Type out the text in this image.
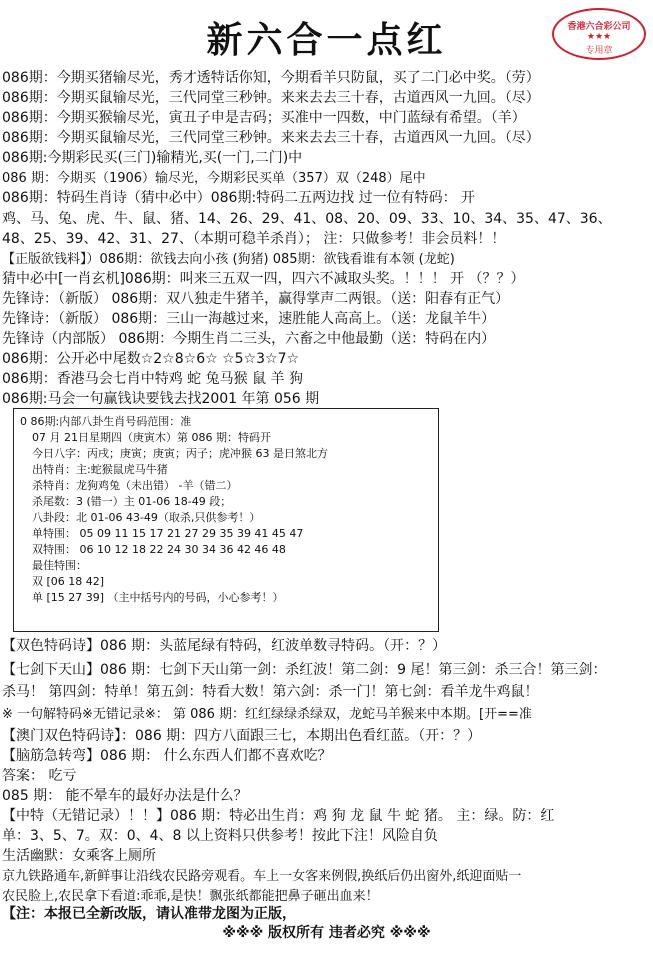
新六合一点红	香港六合彩公司
★★★
专用章
086期：今期买猪输尽光，秀才透特话你知，今期看羊只防鼠，买了二门必中奖。（劳）
086期：今期买鼠输尽光，三代同堂三秒钟。来来去去三十春，古道西风一九回。（尽）
086期：今期买猴输尽光，寅丑子申是吉码；买准中一四数，中门蓝绿有希望。（羊）
086期：今期买鼠输尽光，三代同堂三秒钟。来来去去三十春，古道西风一九回。（尽）
086期:今期彩民买(三门)输精光,买(一门,二门)中
086 期：今期买（1906）输尽光，今期彩民买单（357）双（248）尾中
086期：特码生肖诗（猜中必中）086期:特码二五两边找 过一位有特码： 开
鸡、马、兔、虎、牛、鼠、猪、14、26、29、41、08、20、09、33、10、34、35、47、36、
48、25、39、42、31、27、（本期可稳羊杀肖）； 注：只做参考！非会员料！！
【正版欲钱料】）086期：欲钱去向小孩 (狗猪) 085期：欲钱看谁有本领 (龙蛇)
猜中必中[一肖玄机]086期：叫来三五双一四，四六不减取头奖。！！！ 开 （？？）
先锋诗：（新版） 086期：双八独走牛猪羊，赢得掌声二两银。（送：阳春有正气）
先锋诗：（新版） 086期：三山一海越过来，速胜能人高高上。（送：龙鼠羊牛）
先锋诗（内部版） 086期：今期生肖二三头，六畜之中他最勤（送：特码在内）
086期：公开必中尾数☆2☆8☆6☆ ☆5☆3☆7☆
086期：香港马会七肖中特鸡 蛇 兔马猴 鼠 羊 狗
086期:马会一句赢钱诀要钱去找2001 年第 056 期
0 86期:内部八卦生肖号码范围：准
07 月 21日星期四（庚寅木）第 086 期：特码开
今日八字：丙戌；庚寅；庚寅；丙子；虎冲猴 63 是日煞北方
出特肖：主:蛇猴鼠虎马牛猪
杀特肖：龙狗鸡兔（未出错） -羊（错二）
杀尾数：3 (错一）主 01-06 18-49 段；
八卦段：北 01-06 43-49（取杀,只供参考！）
单特围： 05 09 11 15 17 21 27 29 35 39 41 45 47
双特围： 06 10 12 18 22 24 30 34 36 42 46 48
最佳特围：
双 [06 18 42]
单 [15 27 39] （主中括号内的号码，小心参考！）
【双色特码诗】086 期：头蓝尾绿有特码，红波单数寻特码。（开：？）
【七剑下天山】086 期：七剑下天山第一剑：杀红波！第二剑：9 尾！第三剑：杀三合！第三剑：
杀马！ 第四剑：特单！第五剑：特看大数！第六剑：杀一门！第七剑：看羊龙牛鸡鼠！
※ 一句解特码※无错记录※： 第 086 期：红红绿绿杀绿双，龙蛇马羊猴来中本期。[开==准
【澳门双色特码诗】：086 期：四方八面跟三七，本期出色看红蓝。（开：？）
【脑筋急转弯】086 期： 什么东西人们都不喜欢吃？
答案： 吃亏
085 期： 能不晕车的最好办法是什么？
【中特（无错记录）！！】086 期：特必出生肖：鸡 狗 龙 鼠 牛 蛇 猪。 主：绿。防：红
单：3、5、7。双：0、4、8 以上资料只供参考！按此下注！风险自负
生活幽默：女乘客上厕所
京九铁路通车,新鲜事让沿线农民路旁观看。车上一女客来例假,换纸后仍出窗外,纸迎面贴一
农民脸上,农民拿下看道:乖乖,是快！飘张纸都能把鼻子砸出血来！
【注：本报已全新改版，请认准带龙图为正版，
※※※ 版权所有 违者必究 ※※※
